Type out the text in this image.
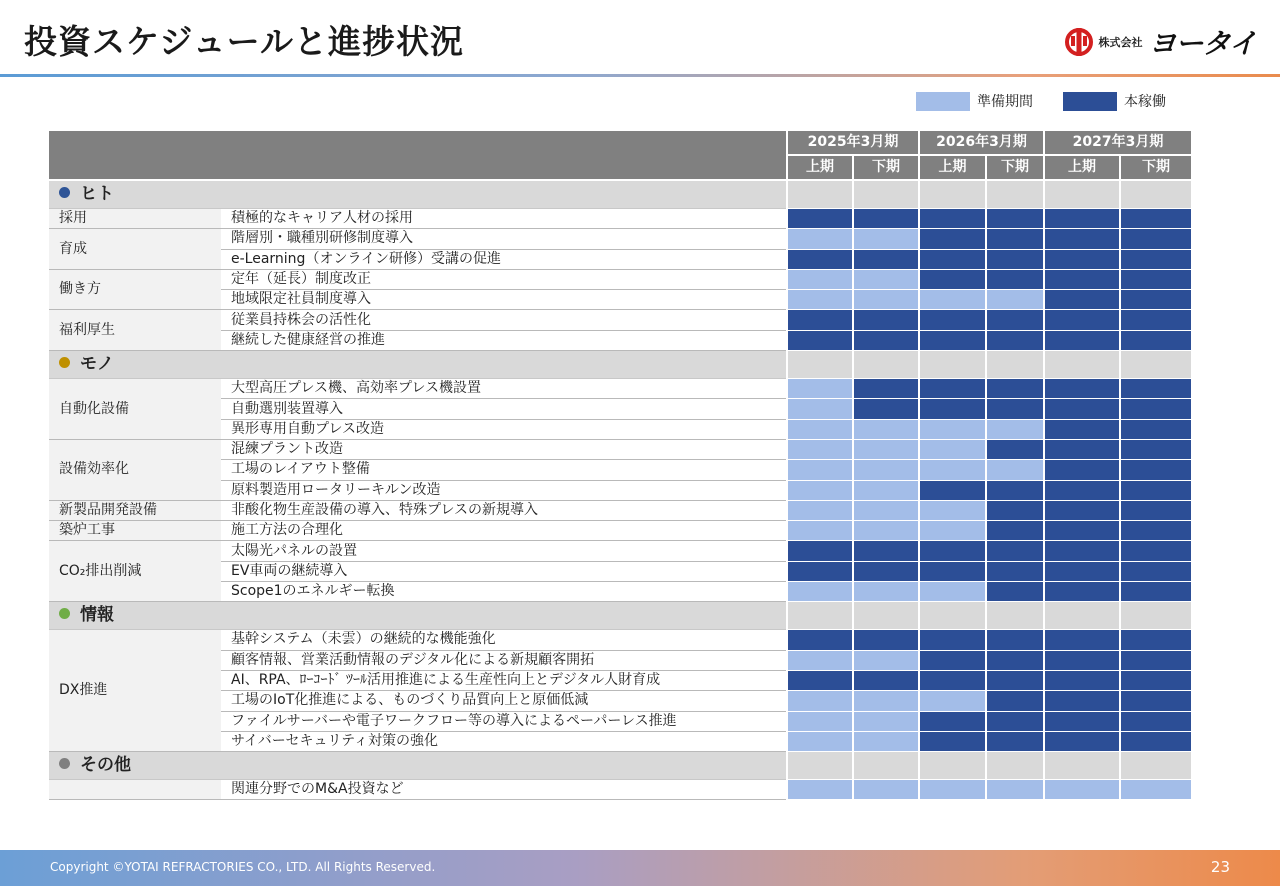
投資スケジュールと進捗状況	株式会社 ヨータイ
準備期間	本稼働
		2025年3月期		2026年3月期		2027年3月期	
		上期	下期	上期	下期	上期	下期
ヒト							
採用	積極的なキャリア人材の採用						
育成	階層別・職種別研修制度導入						
	e-Learning（オンライン研修）受講の促進						
働き方	定年（延長）制度改正						
	地域限定社員制度導入						
福利厚生	従業員持株会の活性化						
	継続した健康経営の推進						
モノ							
自動化設備	大型高圧プレス機、高効率プレス機設置						
	自動選別装置導入						
	異形専用自動プレス改造						
設備効率化	混練プラント改造						
	工場のレイアウト整備						
	原料製造用ロータリーキルン改造						
新製品開発設備	非酸化物生産設備の導入、特殊プレスの新規導入						
築炉工事	施工方法の合理化						
CO₂排出削減	太陽光パネルの設置						
	EV車両の継続導入						
	Scope1のエネルギー転換						
情報							
DX推進	基幹システム（未雲）の継続的な機能強化						
	顧客情報、営業活動情報のデジタル化による新規顧客開拓						
	AI、RPA、ﾛｰｺｰﾄﾞ ﾂｰﾙ活用推進による生産性向上とデジタル人財育成						
	工場のIoT化推進による、ものづくり品質向上と原価低減						
	ファイルサーバーや電子ワークフロー等の導入によるペーパーレス推進						
	サイバーセキュリティ対策の強化						
その他							
	関連分野でのM&A投資など						
Copyright ©YOTAI REFRACTORIES CO., LTD. All Rights Reserved.	23
